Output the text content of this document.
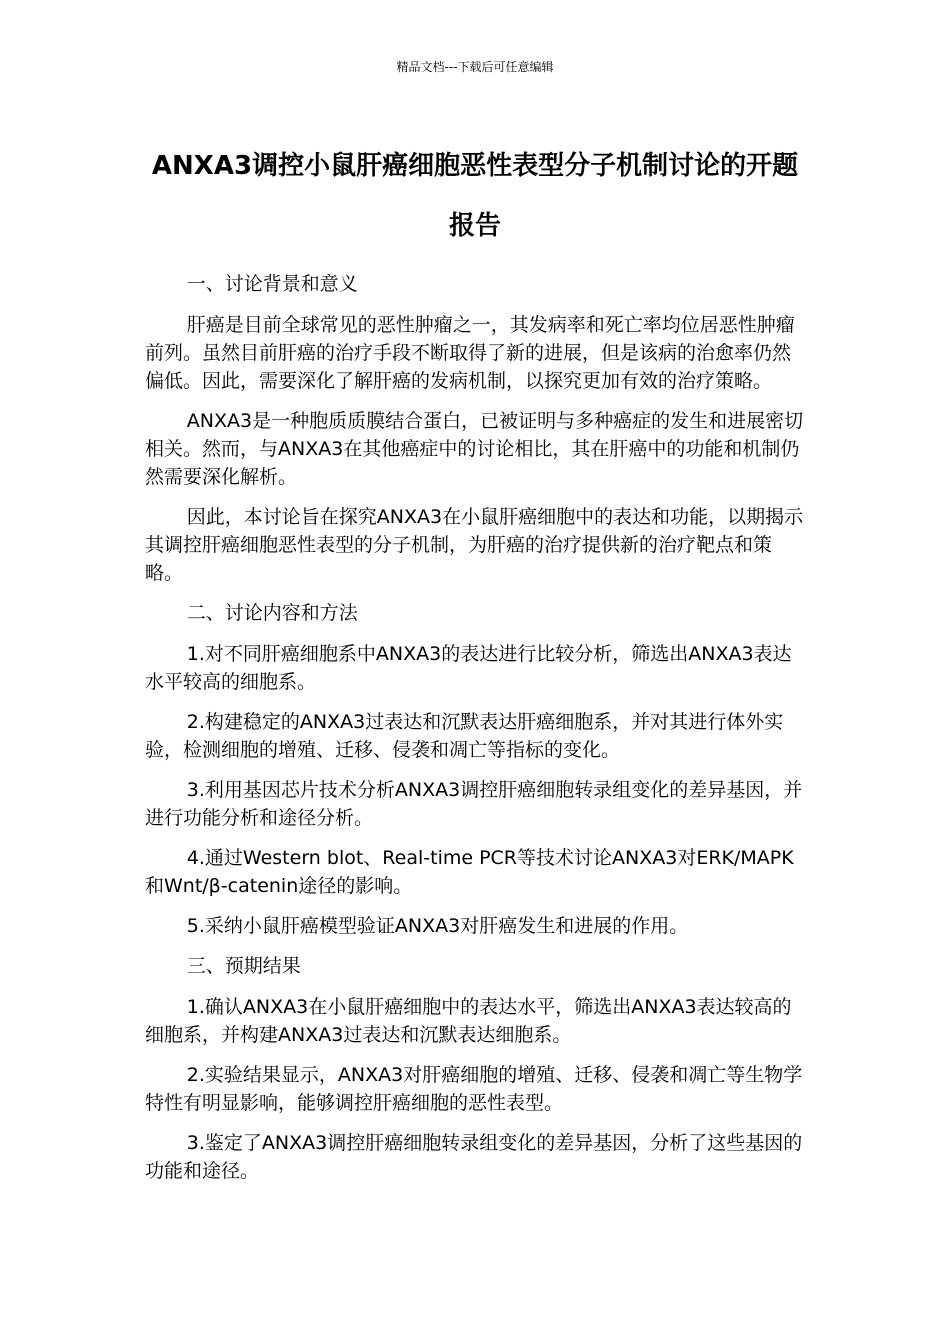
精品文档---下载后可任意编辑
ANXA3调控小鼠肝癌细胞恶性表型分子机制讨论的开题报告

一、讨论背景和意义

肝癌是目前全球常见的恶性肿瘤之一，其发病率和死亡率均位居恶性肿瘤前列。虽然目前肝癌的治疗手段不断取得了新的进展，但是该病的治愈率仍然偏低。因此，需要深化了解肝癌的发病机制，以探究更加有效的治疗策略。

ANXA3是一种胞质质膜结合蛋白，已被证明与多种癌症的发生和进展密切相关。然而，与ANXA3在其他癌症中的讨论相比，其在肝癌中的功能和机制仍然需要深化解析。

因此，本讨论旨在探究ANXA3在小鼠肝癌细胞中的表达和功能，以期揭示其调控肝癌细胞恶性表型的分子机制，为肝癌的治疗提供新的治疗靶点和策略。

二、讨论内容和方法

1.对不同肝癌细胞系中ANXA3的表达进行比较分析，筛选出ANXA3表达水平较高的细胞系。

2.构建稳定的ANXA3过表达和沉默表达肝癌细胞系，并对其进行体外实验，检测细胞的增殖、迁移、侵袭和凋亡等指标的变化。

3.利用基因芯片技术分析ANXA3调控肝癌细胞转录组变化的差异基因，并进行功能分析和途径分析。

4.通过Western blot、Real-time PCR等技术讨论ANXA3对ERK/MAPK和Wnt/β-catenin途径的影响。

5.采纳小鼠肝癌模型验证ANXA3对肝癌发生和进展的作用。

三、预期结果

1.确认ANXA3在小鼠肝癌细胞中的表达水平，筛选出ANXA3表达较高的细胞系，并构建ANXA3过表达和沉默表达细胞系。

2.实验结果显示，ANXA3对肝癌细胞的增殖、迁移、侵袭和凋亡等生物学特性有明显影响，能够调控肝癌细胞的恶性表型。

3.鉴定了ANXA3调控肝癌细胞转录组变化的差异基因，分析了这些基因的功能和途径。
